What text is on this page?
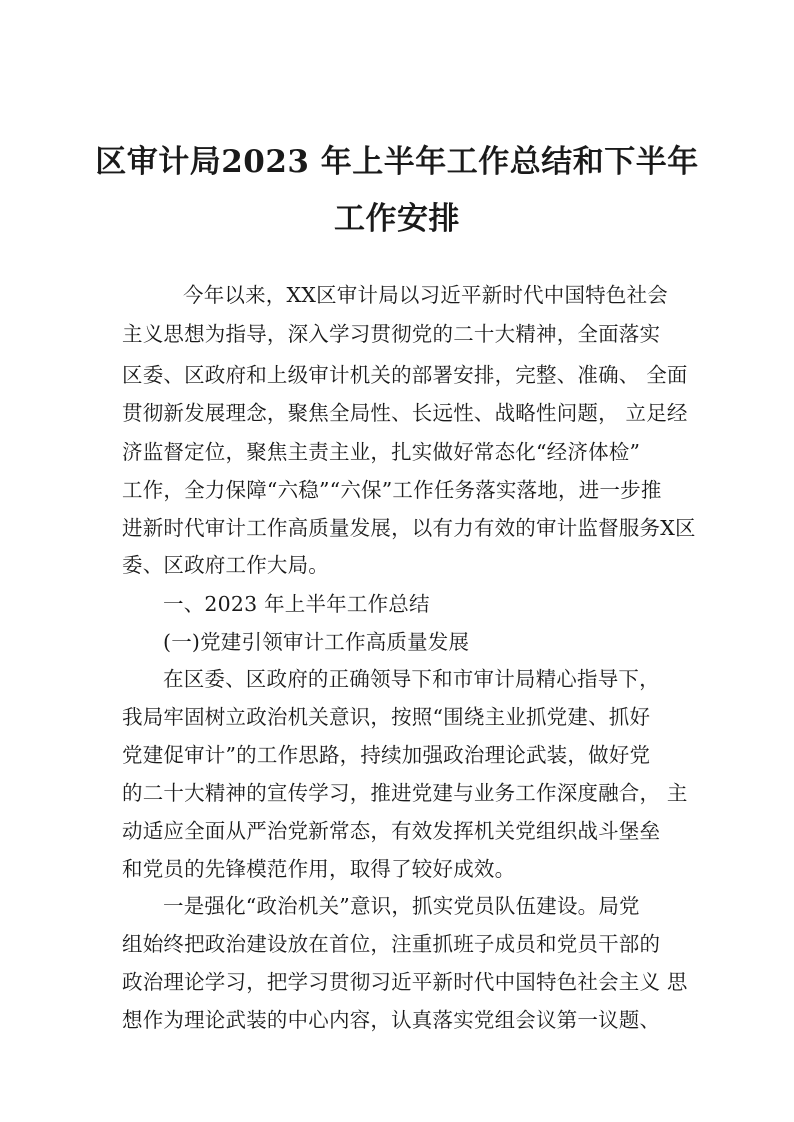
区审计局2023 年上半年工作总结和下半年
工作安排
今年以来，XX区审计局以习近平新时代中国特色社会
主义思想为指导，深入学习贯彻党的二十大精神，全面落实
区委、区政府和上级审计机关的部署安排，完整、准确、 全面
贯彻新发展理念，聚焦全局性、长远性、战略性问题， 立足经
济监督定位，聚焦主责主业，扎实做好常态化“经济体检”
工作，全力保障“六稳”“六保”工作任务落实落地，进一步推
进新时代审计工作高质量发展，以有力有效的审计监督服务X区
委、区政府工作大局。
一、2023 年上半年工作总结
(一)党建引领审计工作高质量发展
在区委、区政府的正确领导下和市审计局精心指导下，
我局牢固树立政治机关意识，按照“围绕主业抓党建、抓好
党建促审计”的工作思路，持续加强政治理论武装，做好党
的二十大精神的宣传学习，推进党建与业务工作深度融合， 主
动适应全面从严治党新常态，有效发挥机关党组织战斗堡垒
和党员的先锋模范作用，取得了较好成效。
一是强化“政治机关”意识，抓实党员队伍建设。局党
组始终把政治建设放在首位，注重抓班子成员和党员干部的
政治理论学习，把学习贯彻习近平新时代中国特色社会主义 思
想作为理论武装的中心内容，认真落实党组会议第一议题、
